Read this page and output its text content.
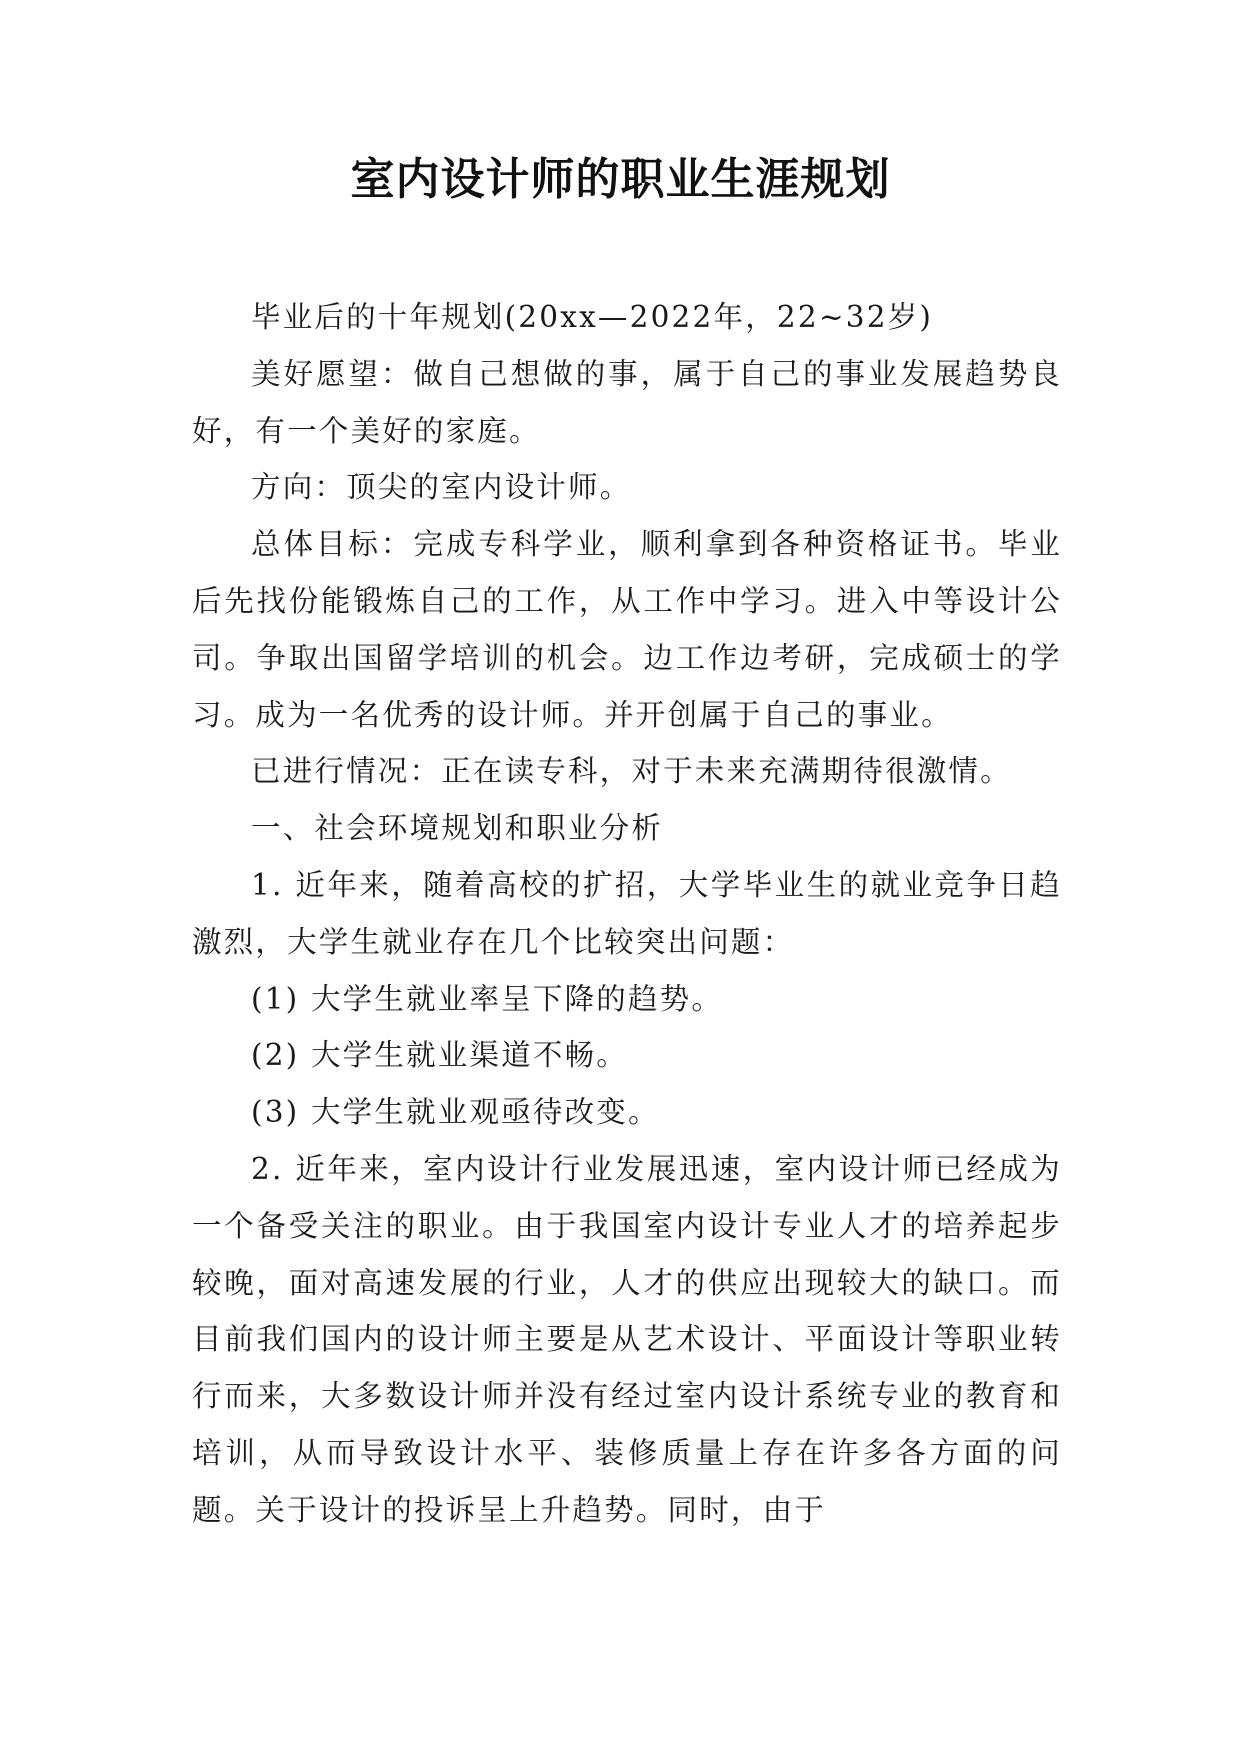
室内设计师的职业生涯规划

毕业后的十年规划(20xx—2022年，22~32岁)

美好愿望：做自己想做的事，属于自己的事业发展趋势良好，有一个美好的家庭。

方向：顶尖的室内设计师。

总体目标：完成专科学业，顺利拿到各种资格证书。毕业后先找份能锻炼自己的工作，从工作中学习。进入中等设计公司。争取出国留学培训的机会。边工作边考研，完成硕士的学习。成为一名优秀的设计师。并开创属于自己的事业。

已进行情况：正在读专科，对于未来充满期待很激情。

一、社会环境规划和职业分析

1. 近年来，随着高校的扩招，大学毕业生的就业竞争日趋激烈，大学生就业存在几个比较突出问题：

(1) 大学生就业率呈下降的趋势。

(2) 大学生就业渠道不畅。

(3) 大学生就业观亟待改变。

2. 近年来，室内设计行业发展迅速，室内设计师已经成为一个备受关注的职业。由于我国室内设计专业人才的培养起步较晚，面对高速发展的行业，人才的供应出现较大的缺口。而目前我们国内的设计师主要是从艺术设计、平面设计等职业转行而来，大多数设计师并没有经过室内设计系统专业的教育和培训，从而导致设计水平、装修质量上存在许多各方面的问题。关于设计的投诉呈上升趋势。同时，由于
